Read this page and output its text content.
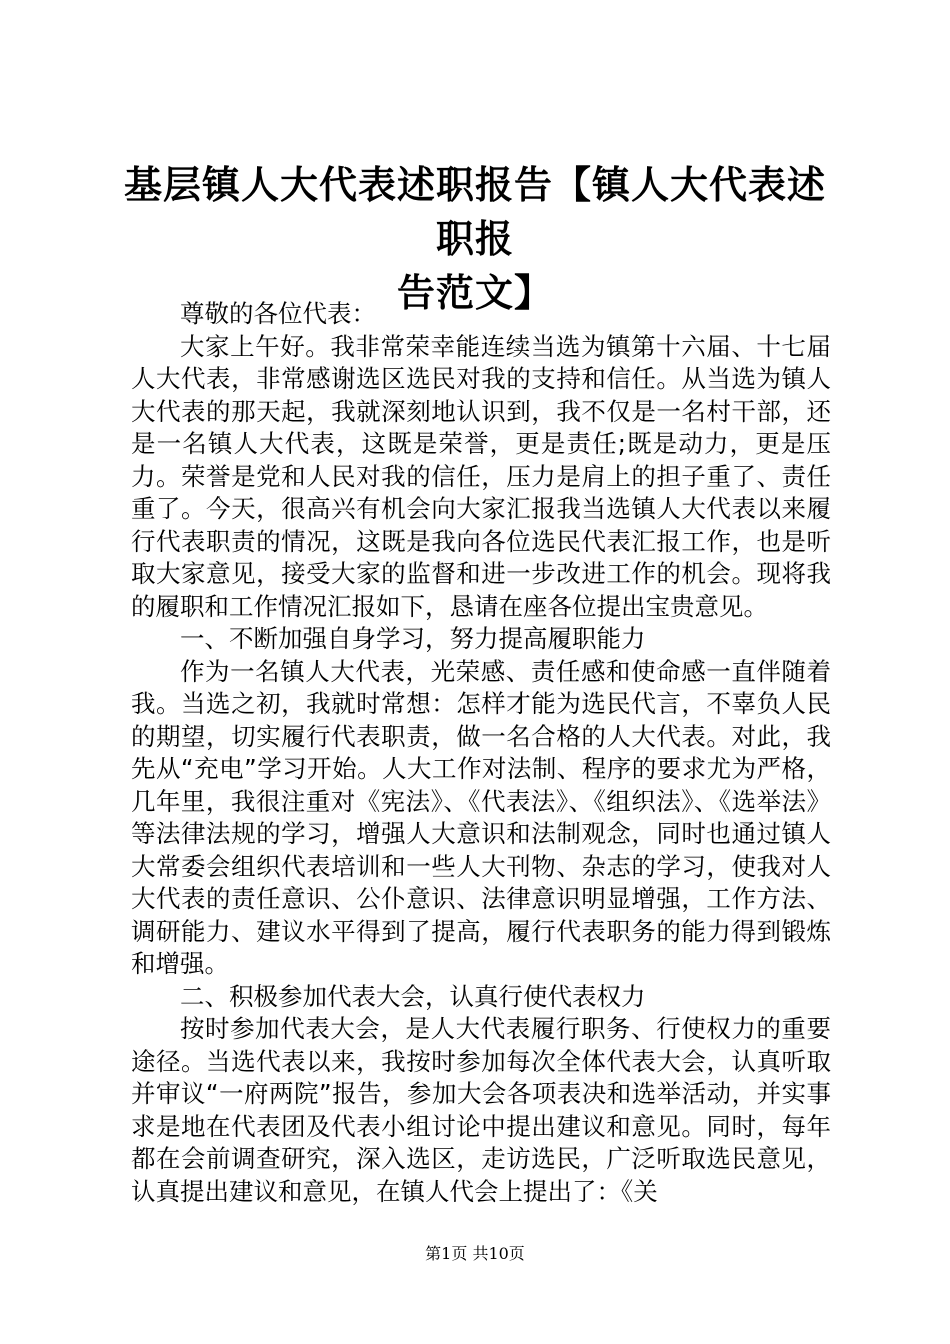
基层镇人大代表述职报告【镇人大代表述职报
告范文】

尊敬的各位代表：

大家上午好。我非常荣幸能连续当选为镇第十六届、十七届人大代表，非常感谢选区选民对我的支持和信任。从当选为镇人大代表的那天起，我就深刻地认识到，我不仅是一名村干部，还是一名镇人大代表，这既是荣誉，更是责任;既是动力，更是压力。荣誉是党和人民对我的信任，压力是肩上的担子重了、责任重了。今天，很高兴有机会向大家汇报我当选镇人大代表以来履行代表职责的情况，这既是我向各位选民代表汇报工作，也是听取大家意见，接受大家的监督和进一步改进工作的机会。现将我的履职和工作情况汇报如下，恳请在座各位提出宝贵意见。

一、不断加强自身学习，努力提高履职能力

作为一名镇人大代表，光荣感、责任感和使命感一直伴随着我。当选之初，我就时常想：怎样才能为选民代言，不辜负人民的期望，切实履行代表职责，做一名合格的人大代表。对此，我先从“充电”学习开始。人大工作对法制、程序的要求尤为严格，几年里，我很注重对《宪法》、《代表法》、《组织法》、《选举法》等法律法规的学习，增强人大意识和法制观念，同时也通过镇人大常委会组织代表培训和一些人大刊物、杂志的学习，使我对人大代表的责任意识、公仆意识、法律意识明显增强，工作方法、调研能力、建议水平得到了提高，履行代表职务的能力得到锻炼和增强。

二、积极参加代表大会，认真行使代表权力

按时参加代表大会，是人大代表履行职务、行使权力的重要途径。当选代表以来，我按时参加每次全体代表大会，认真听取并审议“一府两院”报告，参加大会各项表决和选举活动，并实事求是地在代表团及代表小组讨论中提出建议和意见。同时，每年都在会前调查研究，深入选区，走访选民，广泛听取选民意见，认真提出建议和意见，在镇人代会上提出了：《关

第1页 共10页
